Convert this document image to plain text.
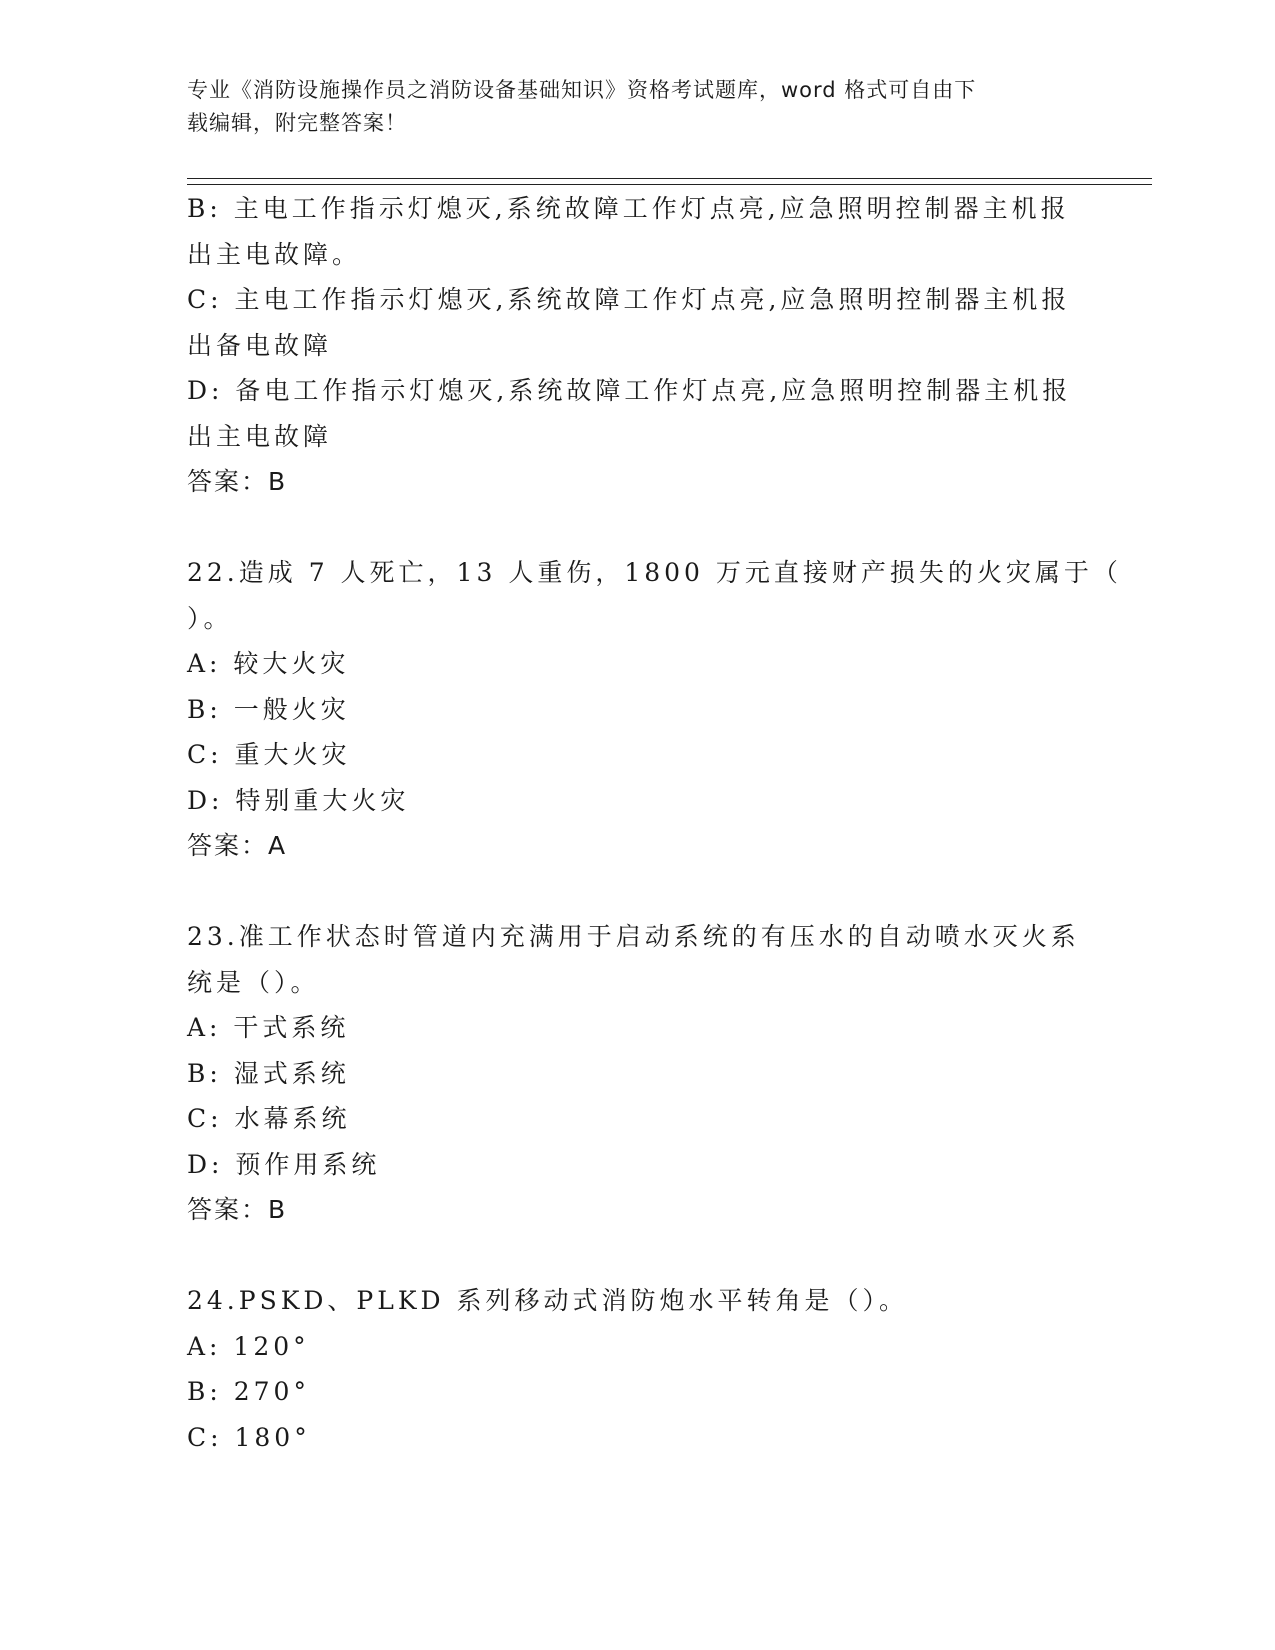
专业《消防设施操作员之消防设备基础知识》资格考试题库，word 格式可自由下
载编辑，附完整答案！
B: 主电工作指示灯熄灭,系统故障工作灯点亮,应急照明控制器主机报
出主电故障。
C: 主电工作指示灯熄灭,系统故障工作灯点亮,应急照明控制器主机报
出备电故障
D: 备电工作指示灯熄灭,系统故障工作灯点亮,应急照明控制器主机报
出主电故障
答案：B
22.造成 7 人死亡，13 人重伤，1800 万元直接财产损失的火灾属于（
）。
A: 较大火灾
B: 一般火灾
C: 重大火灾
D: 特别重大火灾
答案：A
23.准工作状态时管道内充满用于启动系统的有压水的自动喷水灭火系
统是（）。
A: 干式系统
B: 湿式系统
C: 水幕系统
D: 预作用系统
答案：B
24.PSKD、PLKD 系列移动式消防炮水平转角是（）。
A: 120°
B: 270°
C: 180°
